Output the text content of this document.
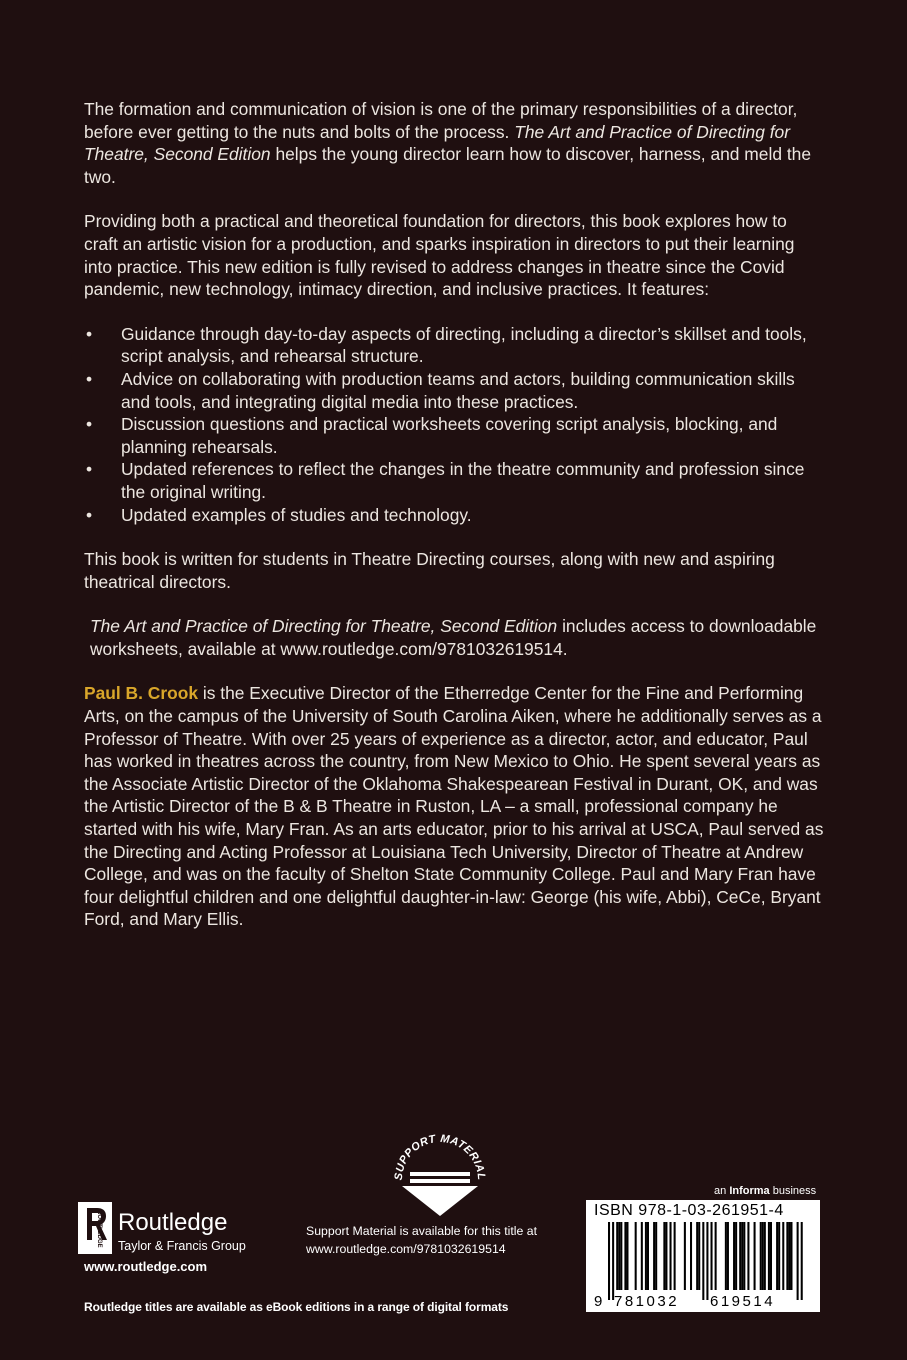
The formation and communication of vision is one of the primary responsibilities of a director, before ever getting to the nuts and bolts of the process. The Art and Practice of Directing for Theatre, Second Edition helps the young director learn how to discover, harness, and meld the two.

Providing both a practical and theoretical foundation for directors, this book explores how to craft an artistic vision for a production, and sparks inspiration in directors to put their learning into practice. This new edition is fully revised to address changes in theatre since the Covid pandemic, new technology, intimacy direction, and inclusive practices. It features:

• Guidance through day-to-day aspects of directing, including a director’s skillset and tools, script analysis, and rehearsal structure.
• Advice on collaborating with production teams and actors, building communication skills and tools, and integrating digital media into these practices.
• Discussion questions and practical worksheets covering script analysis, blocking, and planning rehearsals.
• Updated references to reflect the changes in the theatre community and profession since the original writing.
• Updated examples of studies and technology.

This book is written for students in Theatre Directing courses, along with new and aspiring theatrical directors.

The Art and Practice of Directing for Theatre, Second Edition includes access to downloadable worksheets, available at www.routledge.com/9781032619514.

Paul B. Crook is the Executive Director of the Etherredge Center for the Fine and Performing Arts, on the campus of the University of South Carolina Aiken, where he additionally serves as a Professor of Theatre. With over 25 years of experience as a director, actor, and educator, Paul has worked in theatres across the country, from New Mexico to Ohio. He spent several years as the Associate Artistic Director of the Oklahoma Shakespearean Festival in Durant, OK, and was the Artistic Director of the B & B Theatre in Ruston, LA – a small, professional company he started with his wife, Mary Fran. As an arts educator, prior to his arrival at USCA, Paul served as the Directing and Acting Professor at Louisiana Tech University, Director of Theatre at Andrew College, and was on the faculty of Shelton State Community College. Paul and Mary Fran have four delightful children and one delightful daughter-in-law: George (his wife, Abbi), CeCe, Bryant Ford, and Mary Ellis.

Routledge
Taylor & Francis Group
ROUTLEDGE
www.routledge.com
Routledge titles are available as eBook editions in a range of digital formats
SUPPORT MATERIAL
Support Material is available for this title at
www.routledge.com/9781032619514
an Informa business
ISBN 978-1-03-261951-4
9 781032 619514
